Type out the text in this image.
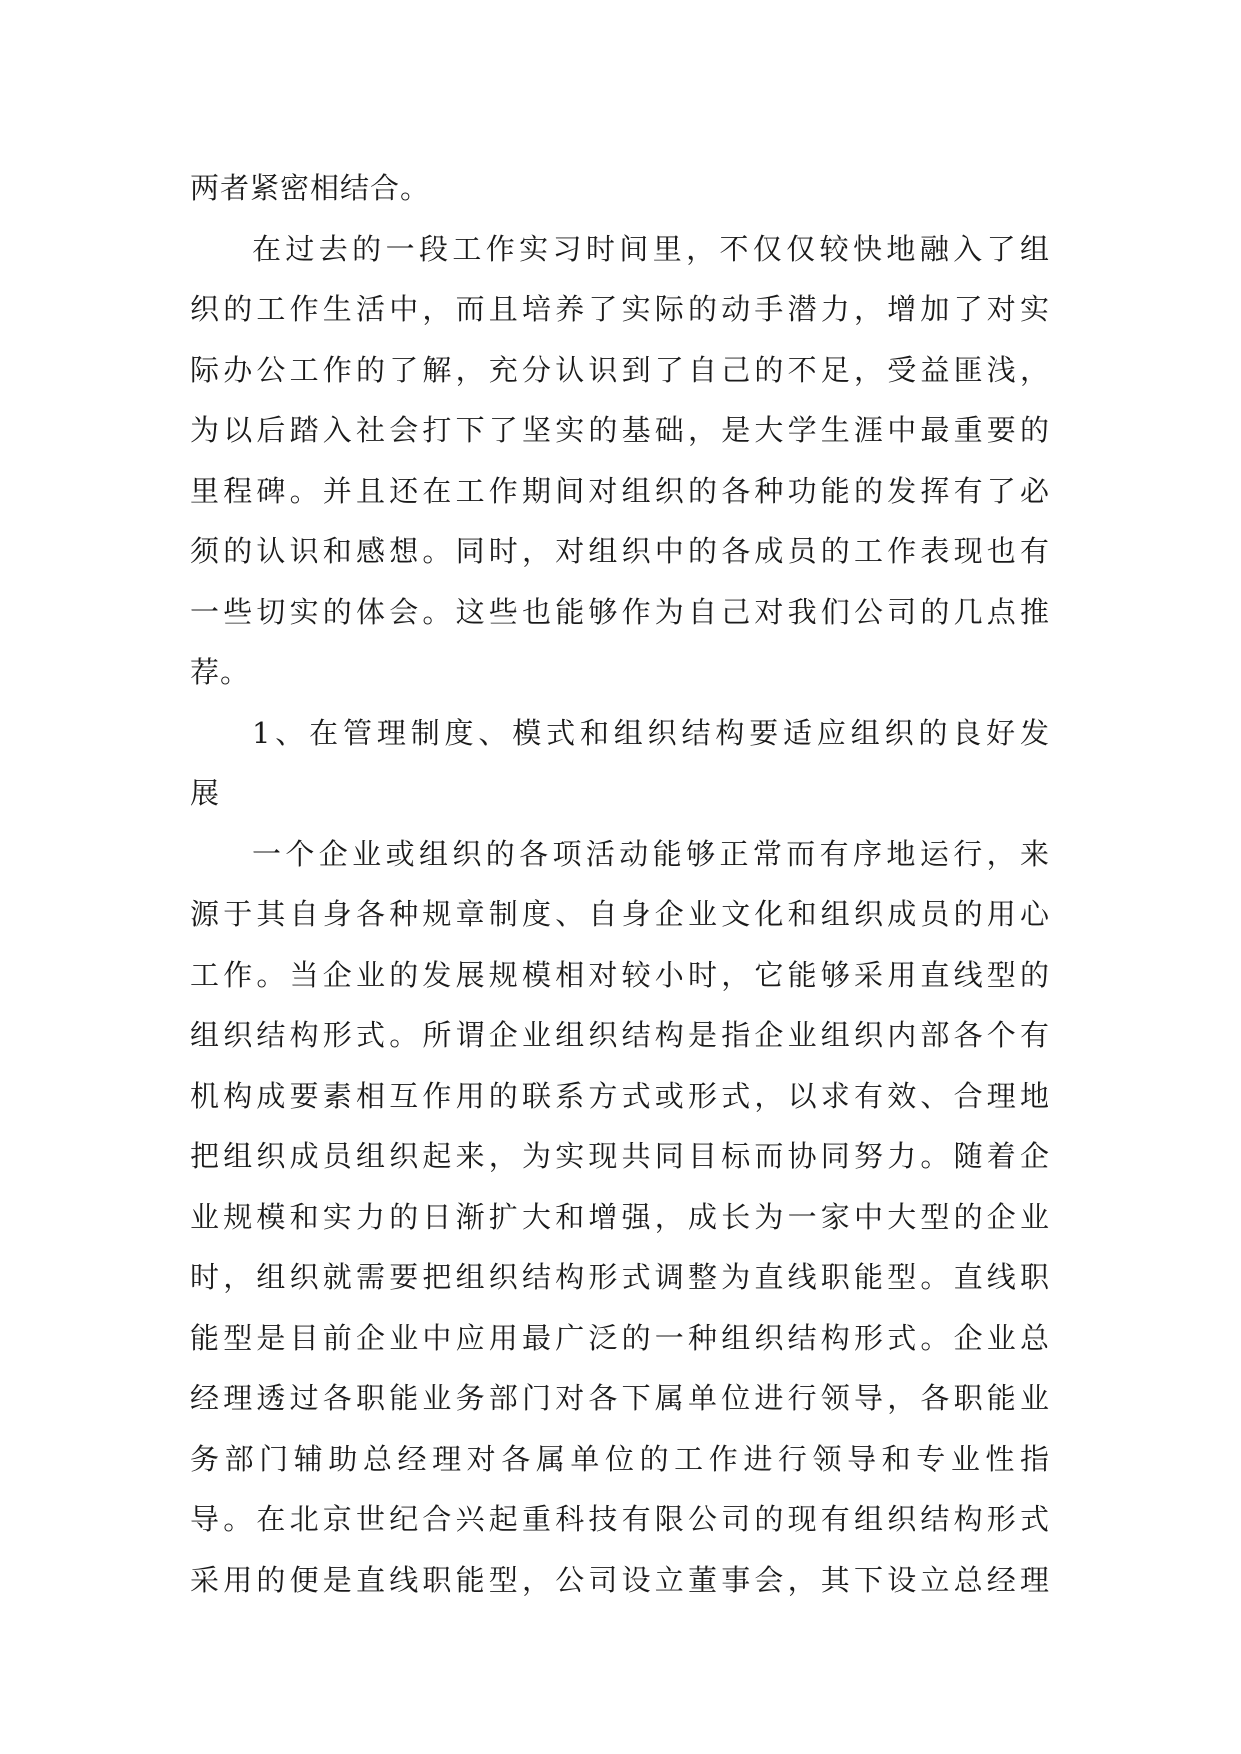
两者紧密相结合。
在过去的一段工作实习时间里，不仅仅较快地融入了组
织的工作生活中，而且培养了实际的动手潜力，增加了对实
际办公工作的了解，充分认识到了自己的不足，受益匪浅，
为以后踏入社会打下了坚实的基础，是大学生涯中最重要的
里程碑。并且还在工作期间对组织的各种功能的发挥有了必
须的认识和感想。同时，对组织中的各成员的工作表现也有
一些切实的体会。这些也能够作为自己对我们公司的几点推
荐。
1、在管理制度、模式和组织结构要适应组织的良好发
展
一个企业或组织的各项活动能够正常而有序地运行，来
源于其自身各种规章制度、自身企业文化和组织成员的用心
工作。当企业的发展规模相对较小时，它能够采用直线型的
组织结构形式。所谓企业组织结构是指企业组织内部各个有
机构成要素相互作用的联系方式或形式，以求有效、合理地
把组织成员组织起来，为实现共同目标而协同努力。随着企
业规模和实力的日渐扩大和增强，成长为一家中大型的企业
时，组织就需要把组织结构形式调整为直线职能型。直线职
能型是目前企业中应用最广泛的一种组织结构形式。企业总
经理透过各职能业务部门对各下属单位进行领导，各职能业
务部门辅助总经理对各属单位的工作进行领导和专业性指
导。在北京世纪合兴起重科技有限公司的现有组织结构形式
采用的便是直线职能型，公司设立董事会，其下设立总经理
